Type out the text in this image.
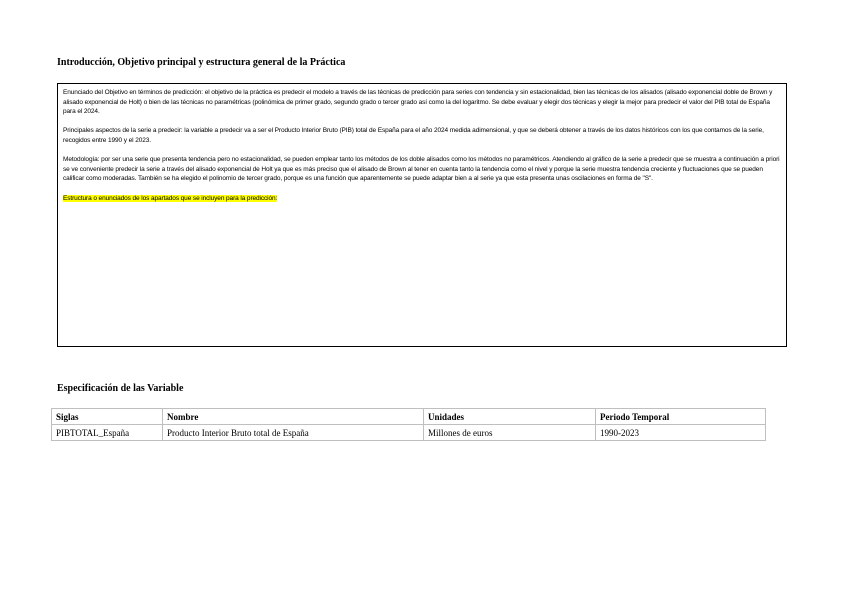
Introducción, Objetivo principal y estructura general de la Práctica

Enunciado del Objetivo en términos de predicción: el objetivo de la práctica es predecir el modelo a través de las técnicas de predicción para series con tendencia y sin estacionalidad, bien las técnicas de los alisados (alisado exponencial doble de Brown y alisado exponencial de Holt) o bien de las técnicas no paramétricas (polinómica de primer grado, segundo grado o tercer grado así como la del logaritmo. Se debe evaluar y elegir dos técnicas y elegir la mejor para predecir el valor del PIB total de España para el 2024.

Principales aspectos de la serie a predecir: la variable a predecir va a ser el Producto Interior Bruto (PIB) total de España para el año 2024 medida adimensional, y que se deberá obtener a través de los datos históricos con los que contamos de la serie, recogidos entre 1990 y el 2023.

Metodología: por ser una serie que presenta tendencia pero no estacionalidad, se pueden emplear tanto los métodos de los doble alisados como los métodos no paramétricos. Atendiendo al gráfico de la serie a predecir que se muestra a continuación a priori se ve conveniente predecir la serie a través del alisado exponencial de Holt ya que es más preciso que el alisado de Brown al tener en cuenta tanto la tendencia como el nivel y porque la serie muestra tendencia creciente y fluctuaciones que se pueden calificar como moderadas. También se ha elegido el polinomio de tercer grado, porque es una función que aparentemente se puede adaptar bien a al serie ya que esta presenta unas oscilaciones en forma de "S".

Estructura o enunciados de los apartados que se incluyen para la predicción:

Especificación de las Variable
Siglas	Nombre	Unidades	Periodo Temporal
PIBTOTAL_España	Producto Interior Bruto total de España	Millones de euros	1990-2023
